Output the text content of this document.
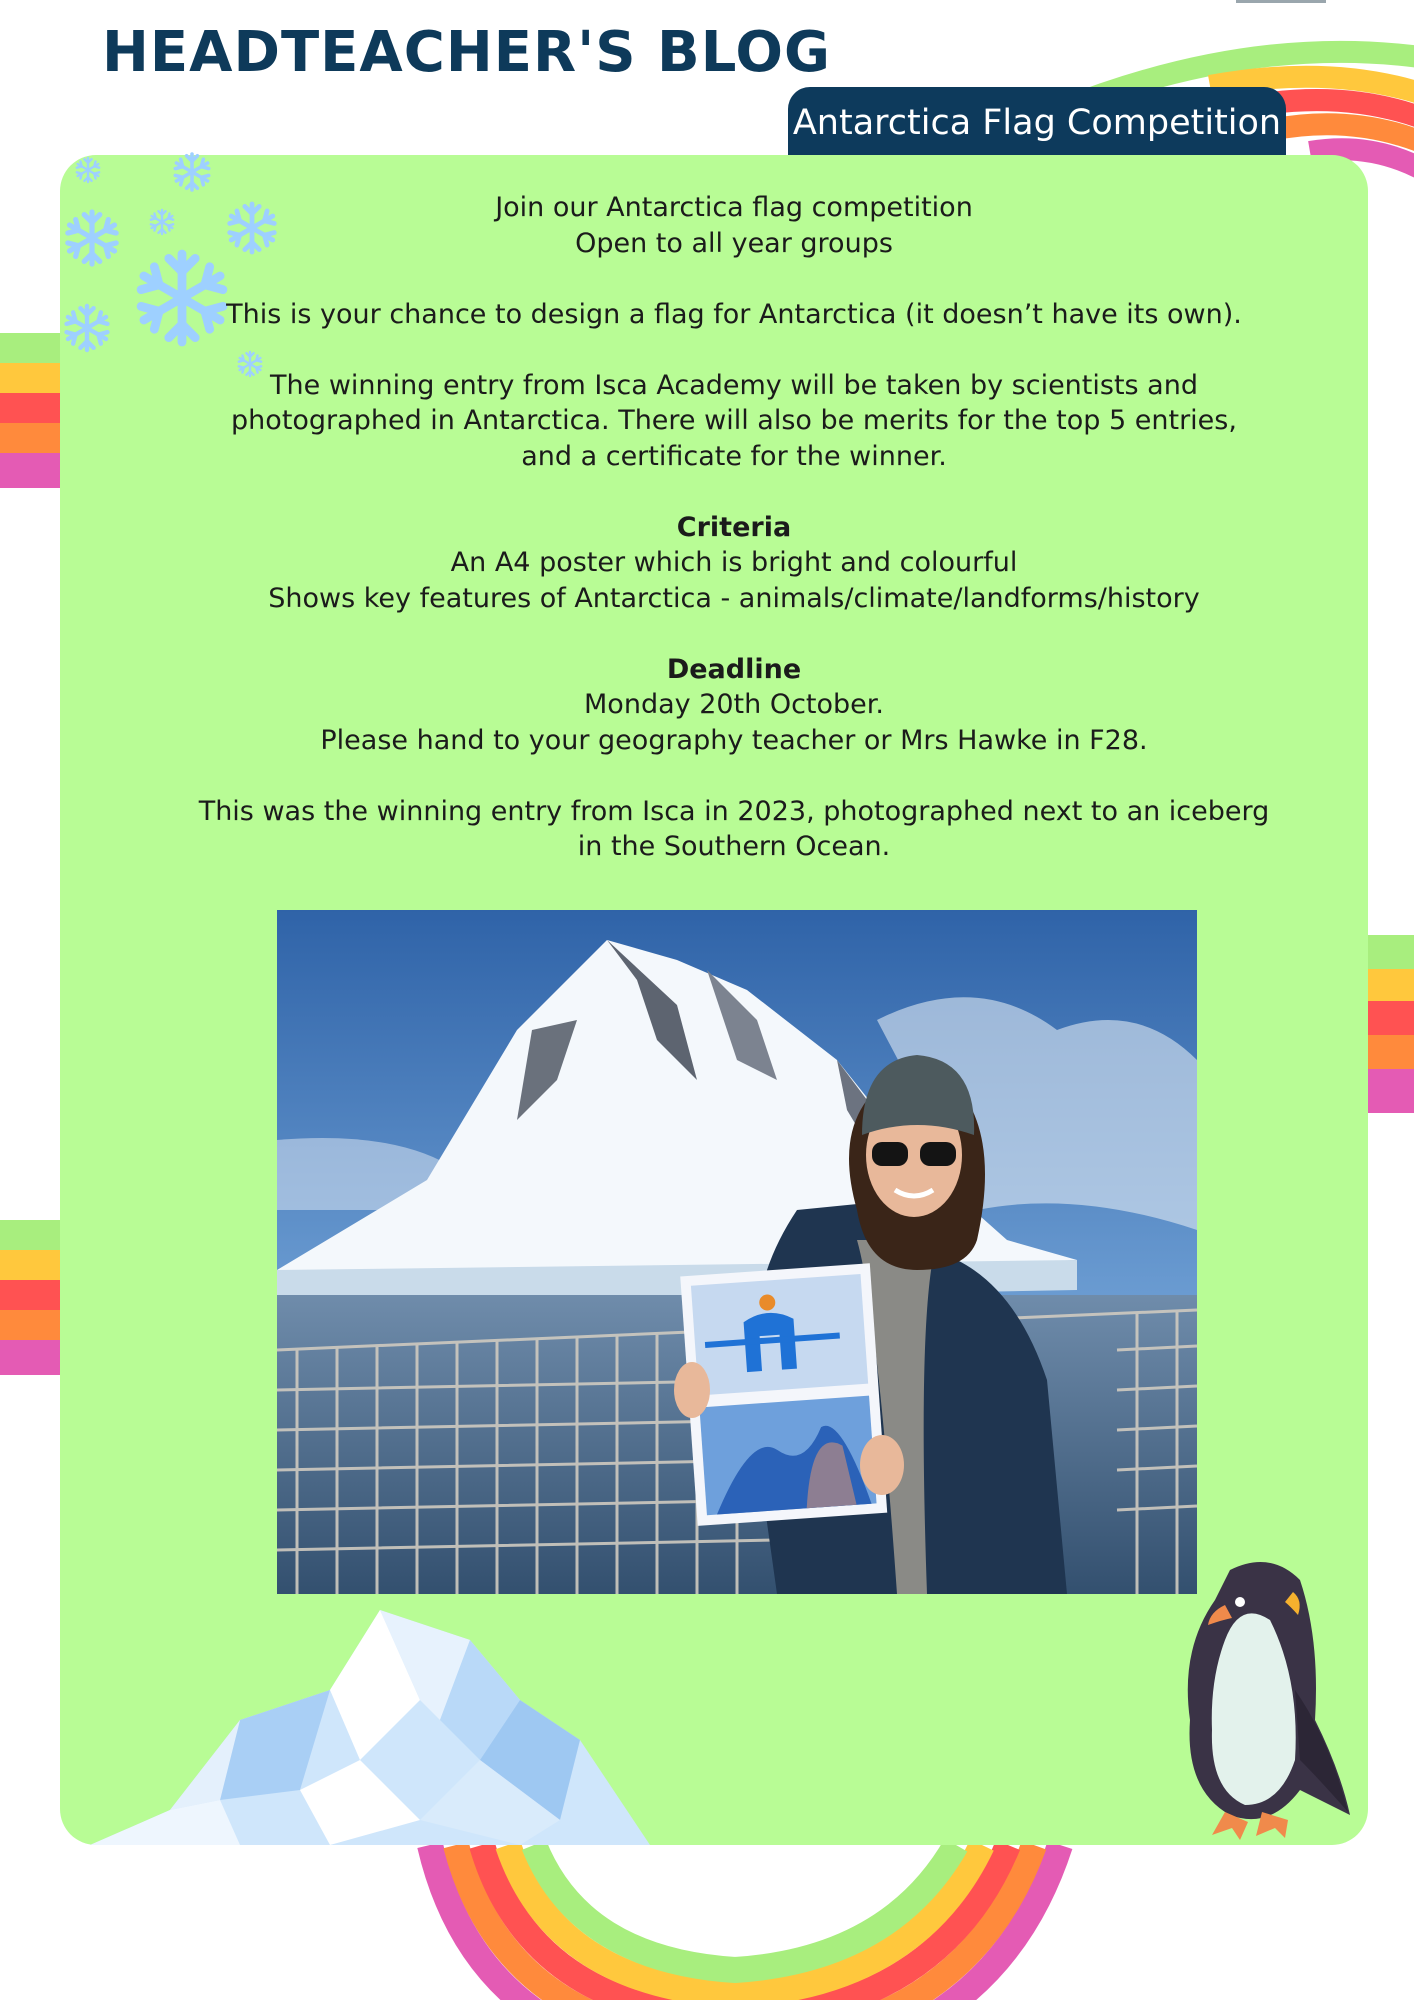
HEADTEACHER'S BLOG
Antarctica Flag Competition

Join our Antarctica flag competition
Open to all year groups

This is your chance to design a flag for Antarctica (it doesn’t have its own).

The winning entry from Isca Academy will be taken by scientists and
photographed in Antarctica. There will also be merits for the top 5 entries,
and a certificate for the winner.

Criteria
An A4 poster which is bright and colourful
Shows key features of Antarctica - animals/climate/landforms/history

Deadline
Monday 20th October.
Please hand to your geography teacher or Mrs Hawke in F28.

This was the winning entry from Isca in 2023, photographed next to an iceberg
in the Southern Ocean.
